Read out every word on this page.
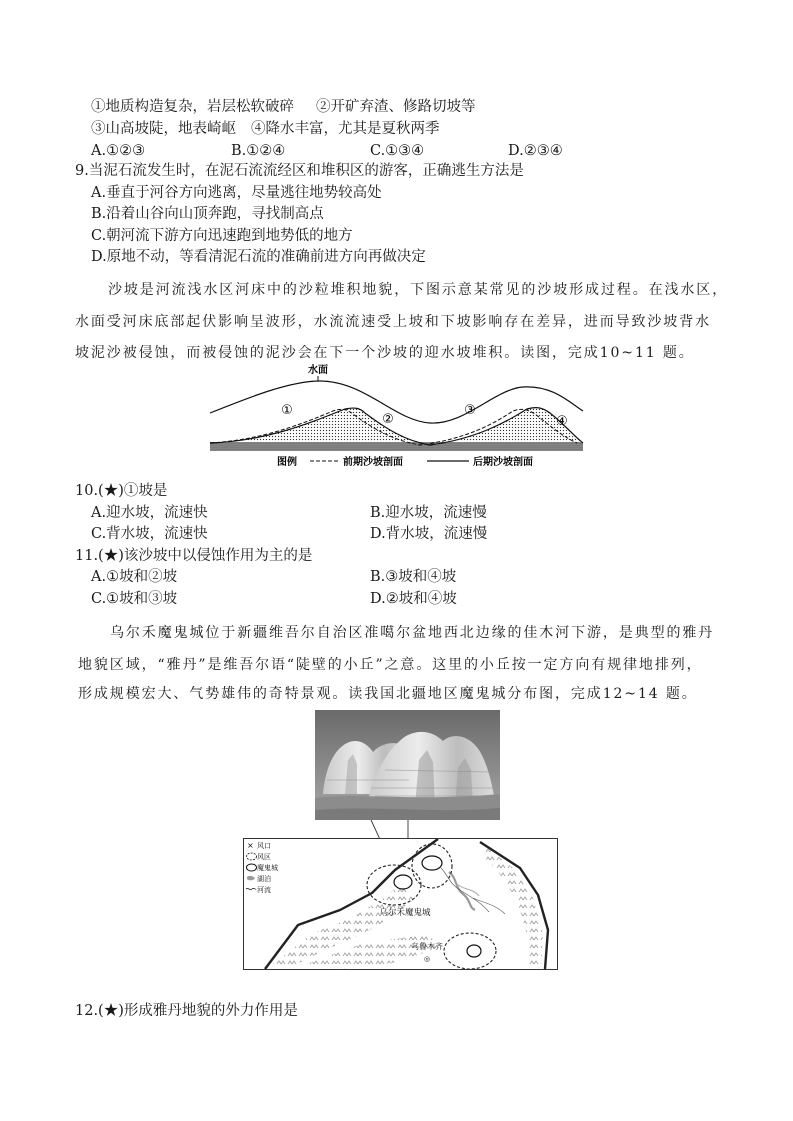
①地质构造复杂，岩层松软破碎 ②开矿弃渣、修路切坡等
③山高坡陡，地表崎岖 ④降水丰富，尤其是夏秋两季
A.①②③	B.①②④	C.①③④	D.②③④
9.当泥石流发生时，在泥石流流经区和堆积区的游客，正确逃生方法是
A.垂直于河谷方向逃离，尽量逃往地势较高处
B.沿着山谷向山顶奔跑，寻找制高点
C.朝河流下游方向迅速跑到地势低的地方
D.原地不动，等看清泥石流的准确前进方向再做决定
沙坡是河流浅水区河床中的沙粒堆积地貌，下图示意某常见的沙坡形成过程。在浅水区，
水面受河床底部起伏影响呈波形，水流流速受上坡和下坡影响存在差异，进而导致沙坡背水
坡泥沙被侵蚀，而被侵蚀的泥沙会在下一个沙坡的迎水坡堆积。读图，完成10~11 题。
水面
①
②
③
④
图例	前期沙坡剖面	后期沙坡剖面
10.(★)①坡是
A.迎水坡，流速快	B.迎水坡，流速慢
C.背水坡，流速快	D.背水坡，流速慢
11.(★)该沙坡中以侵蚀作用为主的是
A.①坡和②坡	B.③坡和④坡
C.①坡和③坡	D.②坡和④坡
乌尔禾魔鬼城位于新疆维吾尔自治区准噶尔盆地西北边缘的佳木河下游，是典型的雅丹
地貌区域，“雅丹”是维吾尔语“陡壁的小丘”之意。这里的小丘按一定方向有规律地排列，
形成规模宏大、气势雄伟的奇特景观。读我国北疆地区魔鬼城分布图，完成12~14 题。
乌尔禾魔鬼城
乌鲁木齐
◎
× 风口
风区
魔鬼城
湖泊
河流
12.(★)形成雅丹地貌的外力作用是
